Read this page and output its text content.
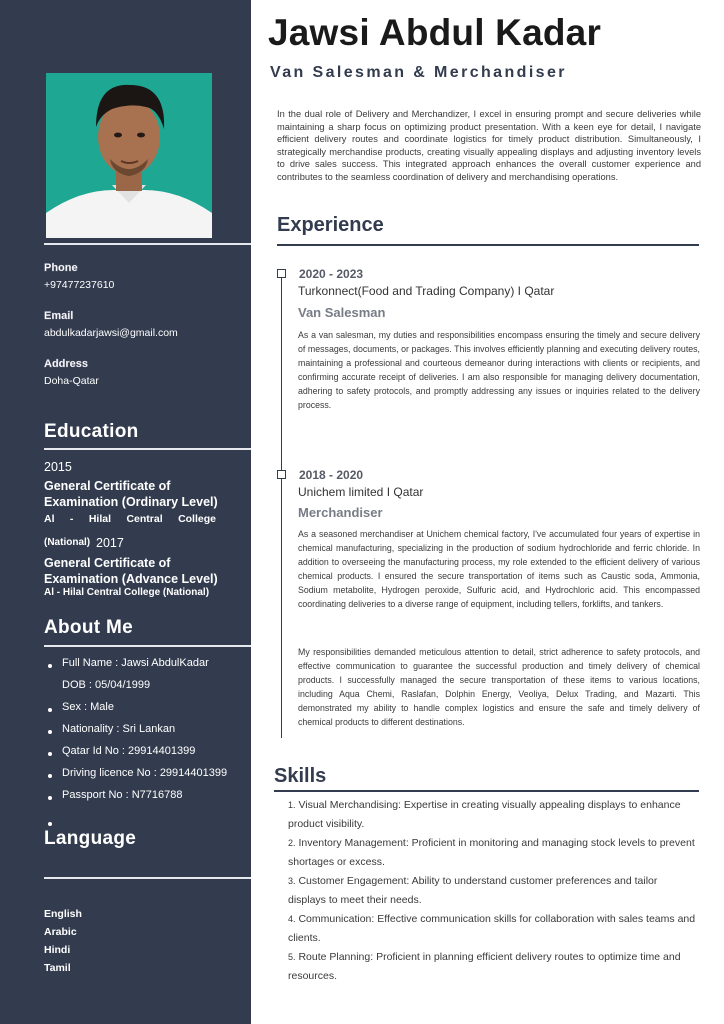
Phone
+97477237610
Email
abdulkadarjawsi@gmail.com
Address
Doha-Qatar
Education
2015
General Certificate of Examination (Ordinary Level)
Al - Hilal Central College
(National) 2017
General Certificate of Examination (Advance Level)
Al - Hilal Central College (National)
About Me
Full Name : Jawsi AbdulKadar
DOB : 05/04/1999
Sex : Male
Nationality : Sri Lankan
Qatar Id No : 29914401399
Driving licence No : 29914401399
Passport No : N7716788
Language
English
Arabic
Hindi
Tamil
Jawsi Abdul Kadar
Van Salesman & Merchandiser

In the dual role of Delivery and Merchandizer, I excel in ensuring prompt and secure deliveries while maintaining a sharp focus on optimizing product presentation. With a keen eye for detail, I navigate efficient delivery routes and coordinate logistics for timely product distribution. Simultaneously, I strategically merchandise products, creating visually appealing displays and adjusting inventory levels to drive sales success. This integrated approach enhances the overall customer experience and contributes to the seamless coordination of delivery and merchandising operations.

Experience
2020 - 2023
Turkonnect(Food and Trading Company) I Qatar
Van Salesman

As a van salesman, my duties and responsibilities encompass ensuring the timely and secure delivery of messages, documents, or packages. This involves efficiently planning and executing delivery routes, maintaining a professional and courteous demeanor during interactions with clients or recipients, and confirming accurate receipt of deliveries. I am also responsible for managing delivery documentation, adhering to safety protocols, and promptly addressing any issues or inquiries related to the delivery process.

2018 - 2020
Unichem limited I Qatar
Merchandiser

As a seasoned merchandiser at Unichem chemical factory, I've accumulated four years of expertise in chemical manufacturing, specializing in the production of sodium hydrochloride and ferric chloride. In addition to overseeing the manufacturing process, my role extended to the efficient delivery of various chemical products. I ensured the secure transportation of items such as Caustic soda, Ammonia, Sodium metabolite, Hydrogen peroxide, Sulfuric acid, and Hydrochloric acid. This encompassed coordinating deliveries to a diverse range of equipment, including tellers, forklifts, and tankers.

My responsibilities demanded meticulous attention to detail, strict adherence to safety protocols, and effective communication to guarantee the successful production and timely delivery of chemical products. I successfully managed the secure transportation of these items to various locations, including Aqua Chemi, Raslafan, Dolphin Energy, Veoliya, Delux Trading, and Mazarti. This demonstrated my ability to handle complex logistics and ensure the safe and timely delivery of chemical products to different destinations.

Skills
1. Visual Merchandising: Expertise in creating visually appealing displays to enhance product visibility.
2. Inventory Management: Proficient in monitoring and managing stock levels to prevent shortages or excess.
3. Customer Engagement: Ability to understand customer preferences and tailor displays to meet their needs.
4. Communication: Effective communication skills for collaboration with sales teams and clients.
5. Route Planning: Proficient in planning efficient delivery routes to optimize time and resources.
